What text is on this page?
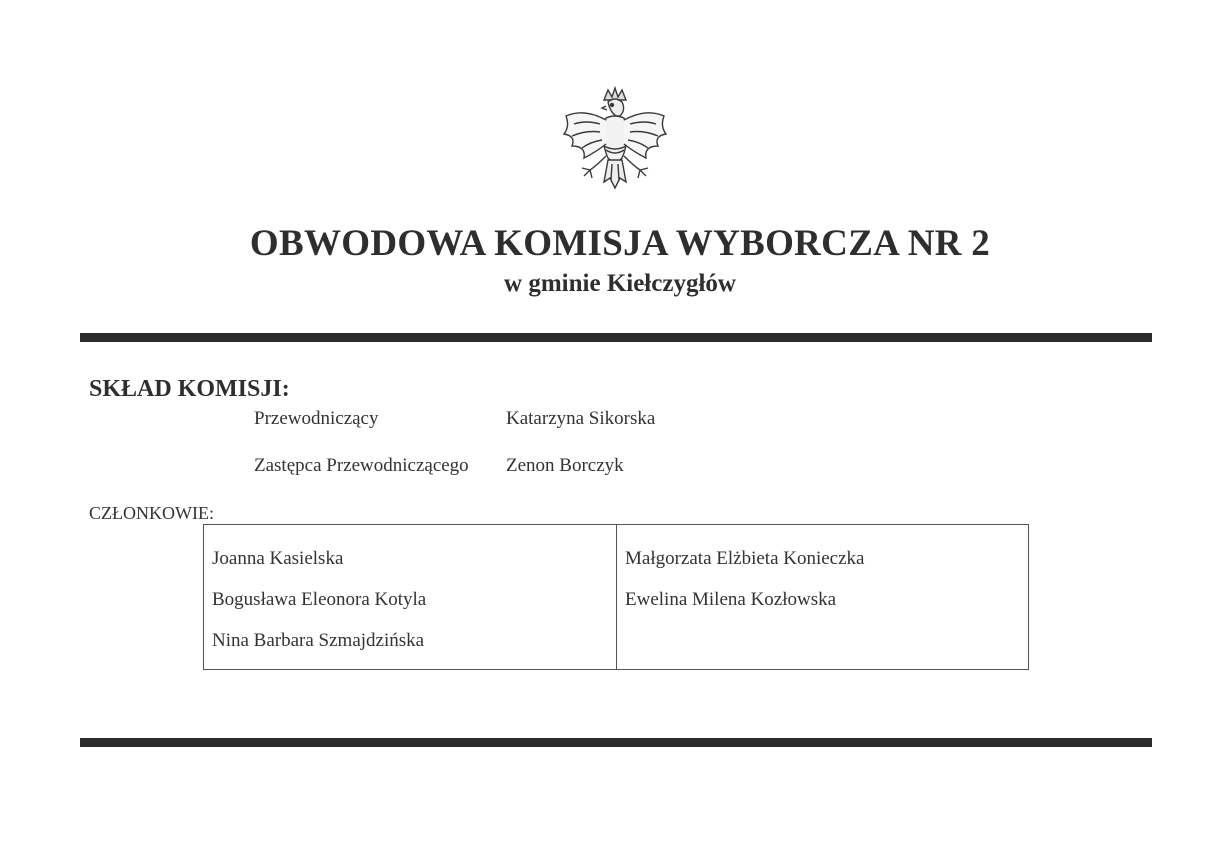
OBWODOWA KOMISJA WYBORCZA NR 2
w gminie Kiełczygłów
SKŁAD KOMISJI:
Przewodniczący	Katarzyna Sikorska
Zastępca Przewodniczącego Zenon Borczyk
CZŁONKOWIE:
Joanna Kasielska
Bogusława Eleonora Kotyla
Nina Barbara Szmajdzińska
Małgorzata Elżbieta Konieczka
Ewelina Milena Kozłowska
